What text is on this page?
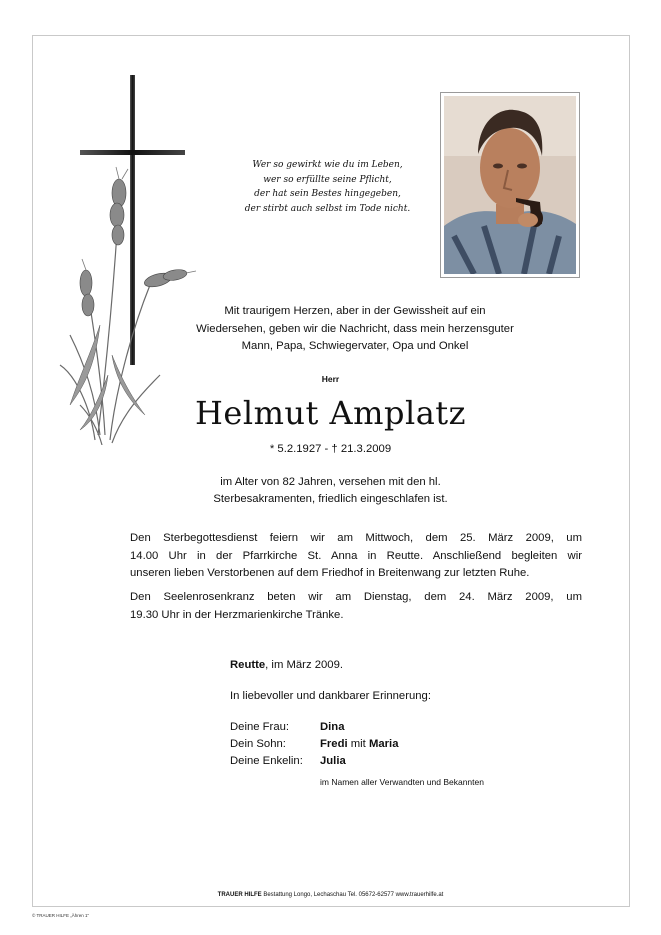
Wer so gewirkt wie du im Leben,
wer so erfüllte seine Pflicht,
der hat sein Bestes hingegeben,
der stirbt auch selbst im Tode nicht.
Mit traurigem Herzen, aber in der Gewissheit auf ein
Wiedersehen, geben wir die Nachricht, dass mein herzensguter
Mann, Papa, Schwiegervater, Opa und Onkel
Herr
Helmut Amplatz
* 5.2.1927 - † 21.3.2009
im Alter von 82 Jahren, versehen mit den hl.
Sterbesakramenten, friedlich eingeschlafen ist.
Den Sterbegottesdienst feiern wir am Mittwoch, dem 25. März 2009, um
14.00 Uhr in der Pfarrkirche St. Anna in Reutte. Anschließend begleiten wir
unseren lieben Verstorbenen auf dem Friedhof in Breitenwang zur letzten Ruhe.
Den Seelenrosenkranz beten wir am Dienstag, dem 24. März 2009, um
19.30 Uhr in der Herzmarienkirche Tränke.
Reutte, im März 2009.
In liebevoller und dankbarer Erinnerung:
Deine Frau:	Dina
Dein Sohn:	Fredi mit Maria
Deine Enkelin: Julia
im Namen aller Verwandten und Bekannten
TRAUER HILFE Bestattung Longo, Lechaschau Tel. 05672-62577 www.trauerhilfe.at
© TRAUER HILFE „Ähren 1“
